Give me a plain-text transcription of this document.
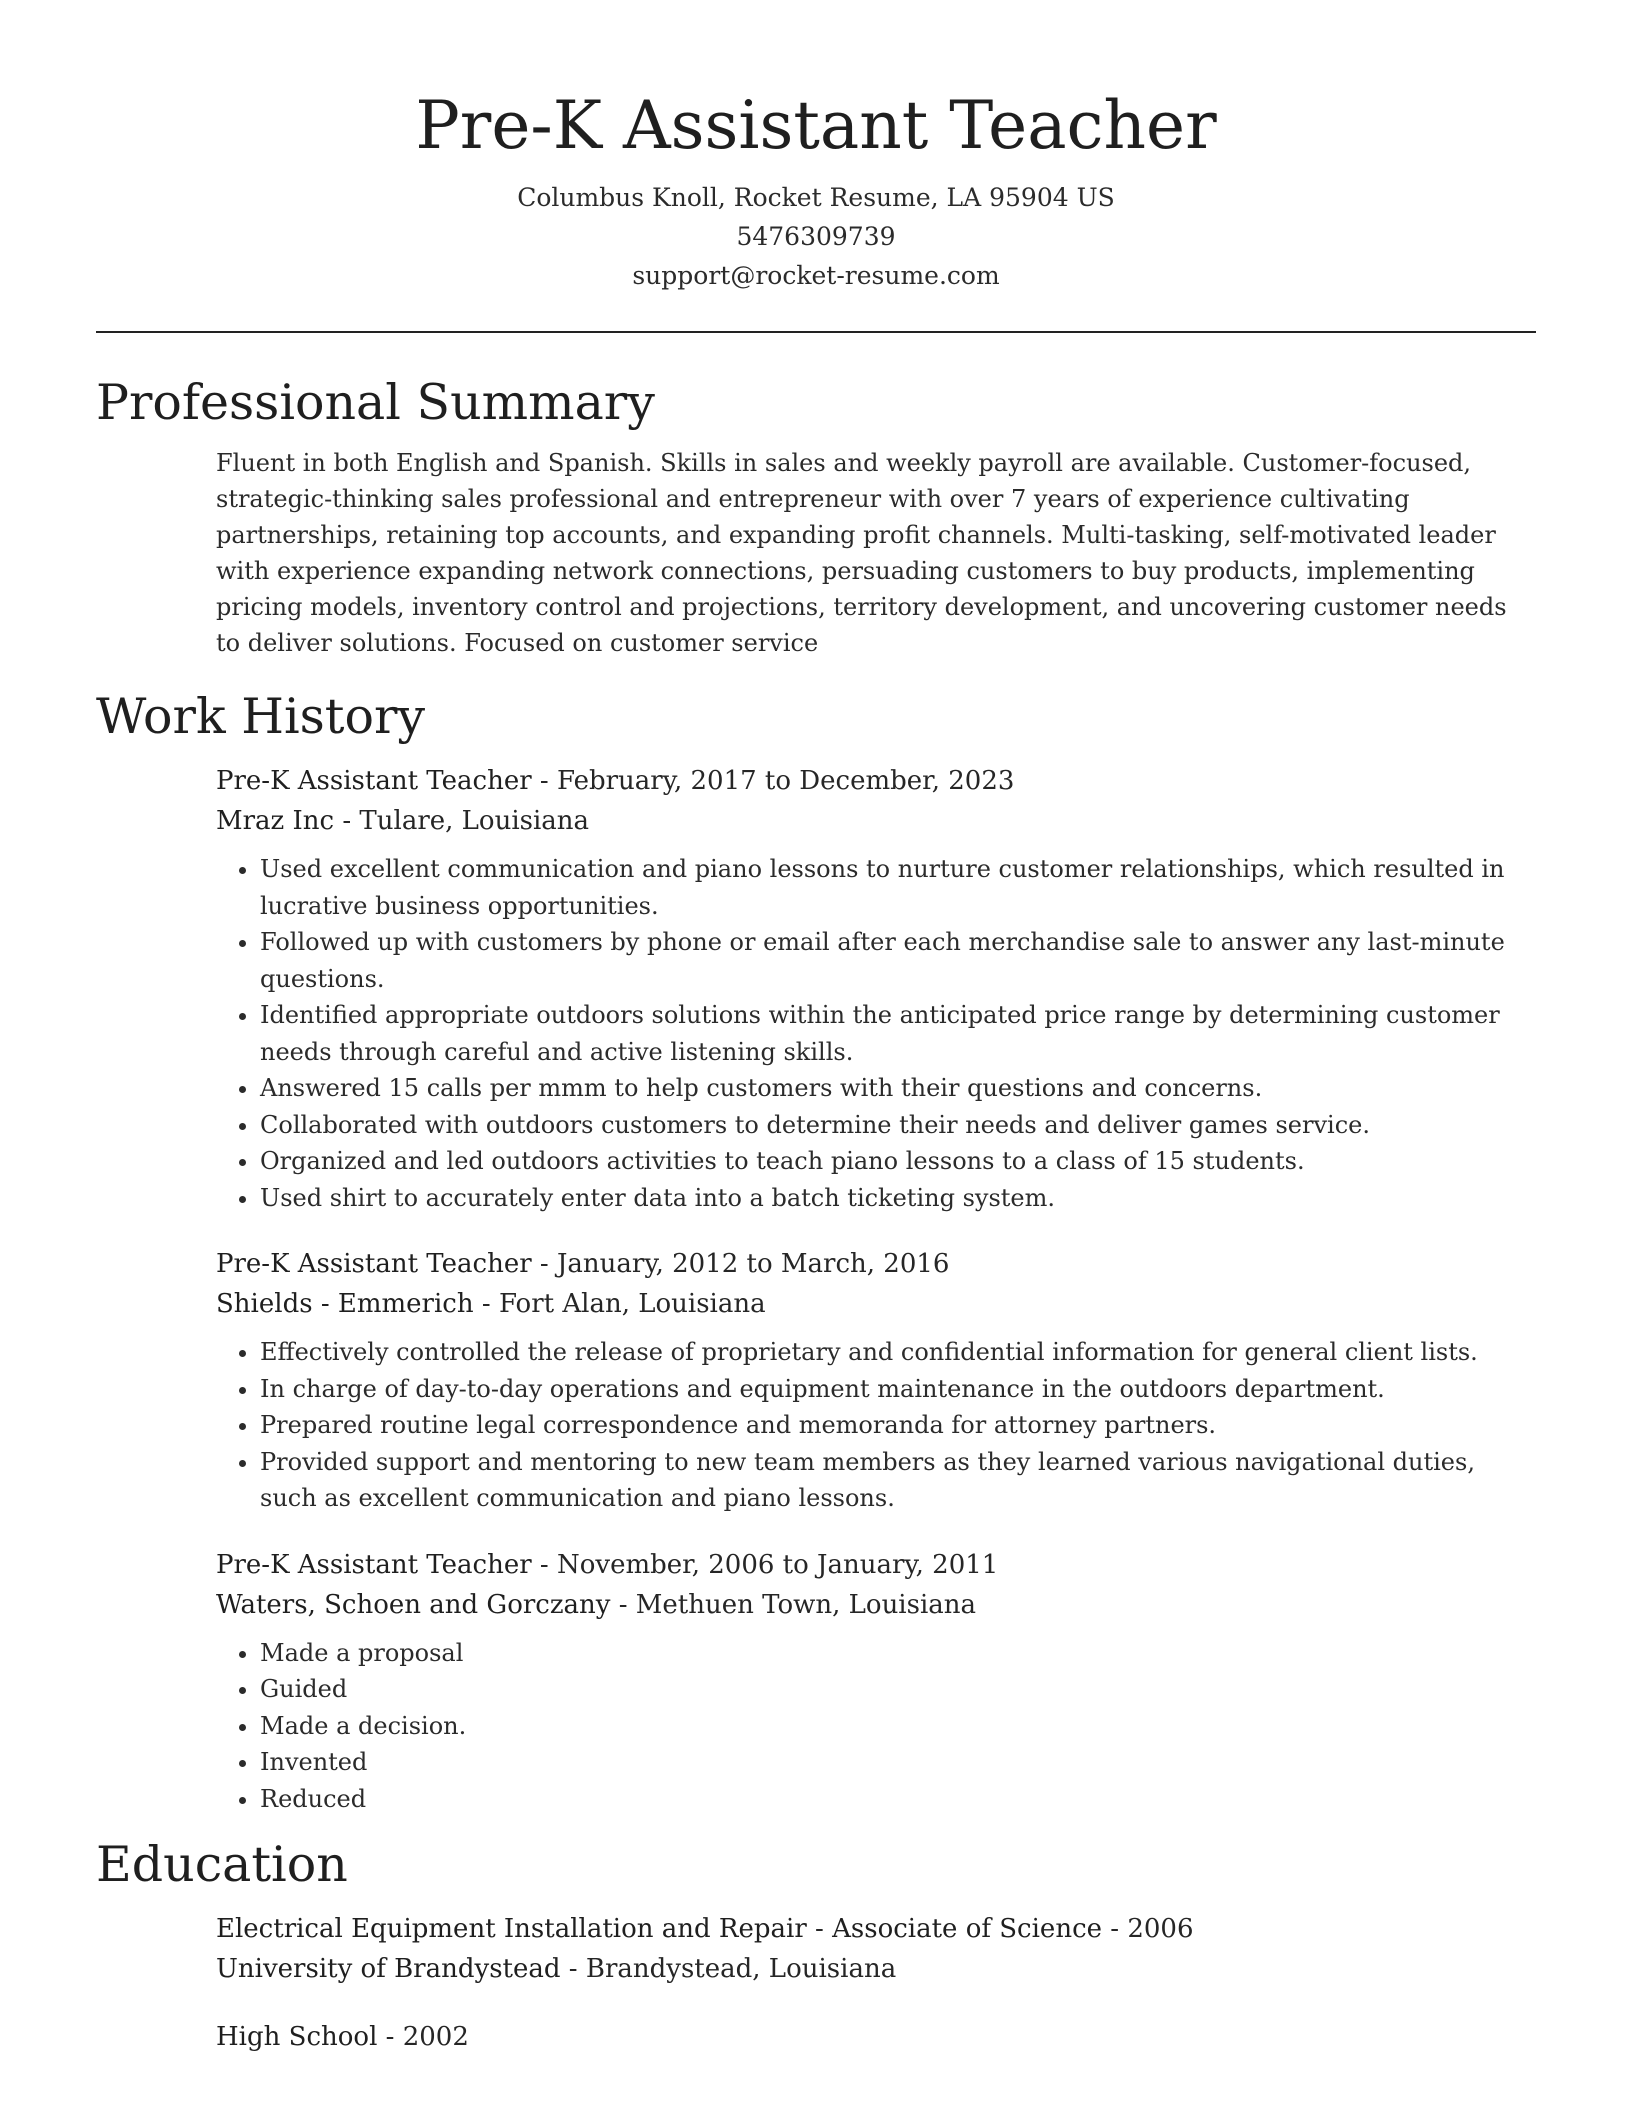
Pre-K Assistant Teacher
Columbus Knoll, Rocket Resume, LA 95904 US
5476309739
support@rocket-resume.com
Professional Summary
Fluent in both English and Spanish. Skills in sales and weekly payroll are available. Customer-focused, strategic-thinking sales professional and entrepreneur with over 7 years of experience cultivating partnerships, retaining top accounts, and expanding profit channels. Multi-tasking, self-motivated leader with experience expanding network connections, persuading customers to buy products, implementing pricing models, inventory control and projections, territory development, and uncovering customer needs to deliver solutions. Focused on customer service
Work History
Pre-K Assistant Teacher - February, 2017 to December, 2023
Mraz Inc - Tulare, Louisiana
• Used excellent communication and piano lessons to nurture customer relationships, which resulted in lucrative business opportunities.
• Followed up with customers by phone or email after each merchandise sale to answer any last-minute questions.
• Identified appropriate outdoors solutions within the anticipated price range by determining customer needs through careful and active listening skills.
• Answered 15 calls per mmm to help customers with their questions and concerns.
• Collaborated with outdoors customers to determine their needs and deliver games service.
• Organized and led outdoors activities to teach piano lessons to a class of 15 students.
• Used shirt to accurately enter data into a batch ticketing system.
Pre-K Assistant Teacher - January, 2012 to March, 2016
Shields - Emmerich - Fort Alan, Louisiana
• Effectively controlled the release of proprietary and confidential information for general client lists.
• In charge of day-to-day operations and equipment maintenance in the outdoors department.
• Prepared routine legal correspondence and memoranda for attorney partners.
• Provided support and mentoring to new team members as they learned various navigational duties, such as excellent communication and piano lessons.
Pre-K Assistant Teacher - November, 2006 to January, 2011
Waters, Schoen and Gorczany - Methuen Town, Louisiana
• Made a proposal
• Guided
• Made a decision.
• Invented
• Reduced
Education
Electrical Equipment Installation and Repair - Associate of Science - 2006
University of Brandystead - Brandystead, Louisiana
High School - 2002
